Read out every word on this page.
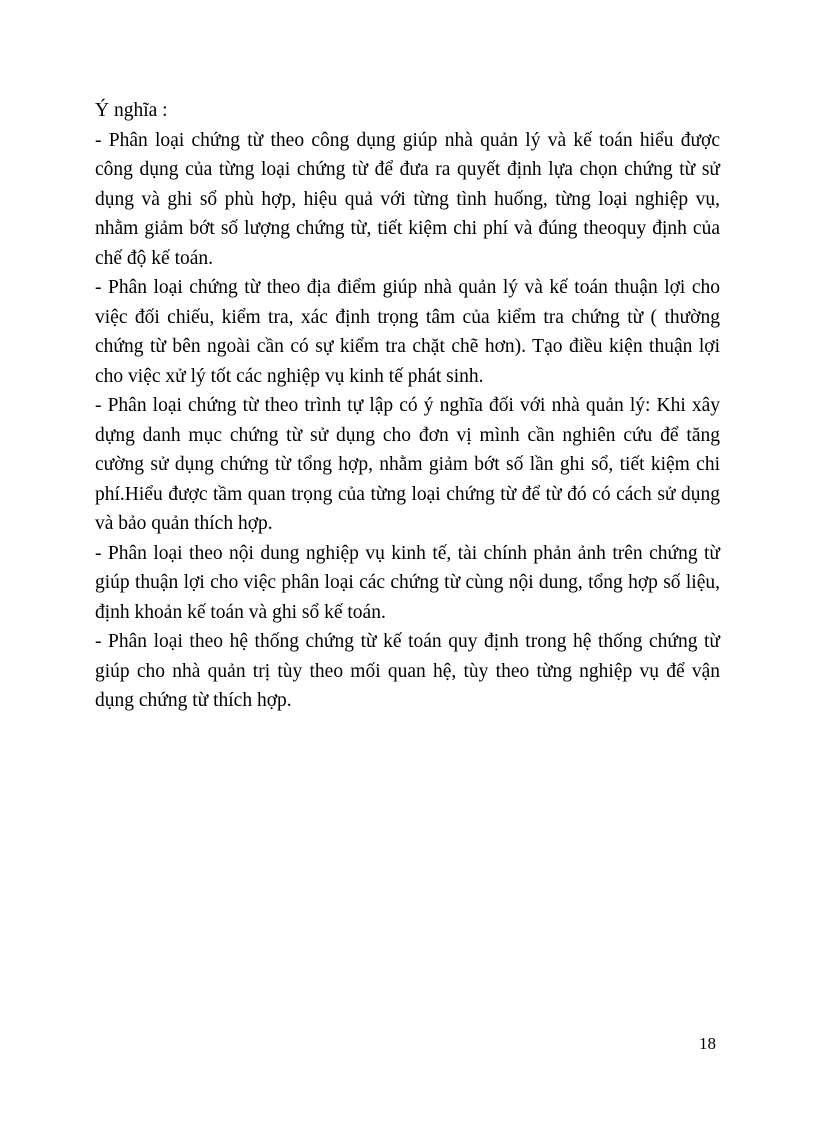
Ý nghĩa :

- Phân loại chứng từ theo công dụng giúp nhà quản lý và kế toán hiểu được công dụng của từng loại chứng từ để đưa ra quyết định lựa chọn chứng từ sử dụng và ghi sổ phù hợp, hiệu quả với từng tình huống, từng loại nghiệp vụ, nhằm giảm bớt số lượng chứng từ, tiết kiệm chi phí và đúng theoquy định của chế độ kế toán.

- Phân loại chứng từ theo địa điểm giúp nhà quản lý và kế toán thuận lợi cho việc đối chiếu, kiểm tra, xác định trọng tâm của kiểm tra chứng từ ( thường chứng từ bên ngoài cần có sự kiểm tra chặt chẽ hơn). Tạo điều kiện thuận lợi cho việc xử lý tốt các nghiệp vụ kinh tế phát sinh.

- Phân loại chứng từ theo trình tự lập có ý nghĩa đối với nhà quản lý: Khi xây dựng danh mục chứng từ sử dụng cho đơn vị mình cần nghiên cứu để tăng cường sử dụng chứng từ tổng hợp, nhằm giảm bớt số lần ghi sổ, tiết kiệm chi phí.Hiểu được tầm quan trọng của từng loại chứng từ để từ đó có cách sử dụng và bảo quản thích hợp.

- Phân loại theo nội dung nghiệp vụ kinh tế, tài chính phản ảnh trên chứng từ giúp thuận lợi cho việc phân loại các chứng từ cùng nội dung, tổng hợp số liệu, định khoản kế toán và ghi sổ kế toán.

- Phân loại theo hệ thống chứng từ kế toán quy định trong hệ thống chứng từ giúp cho nhà quản trị tùy theo mối quan hệ, tùy theo từng nghiệp vụ để vận dụng chứng từ thích hợp.

18
